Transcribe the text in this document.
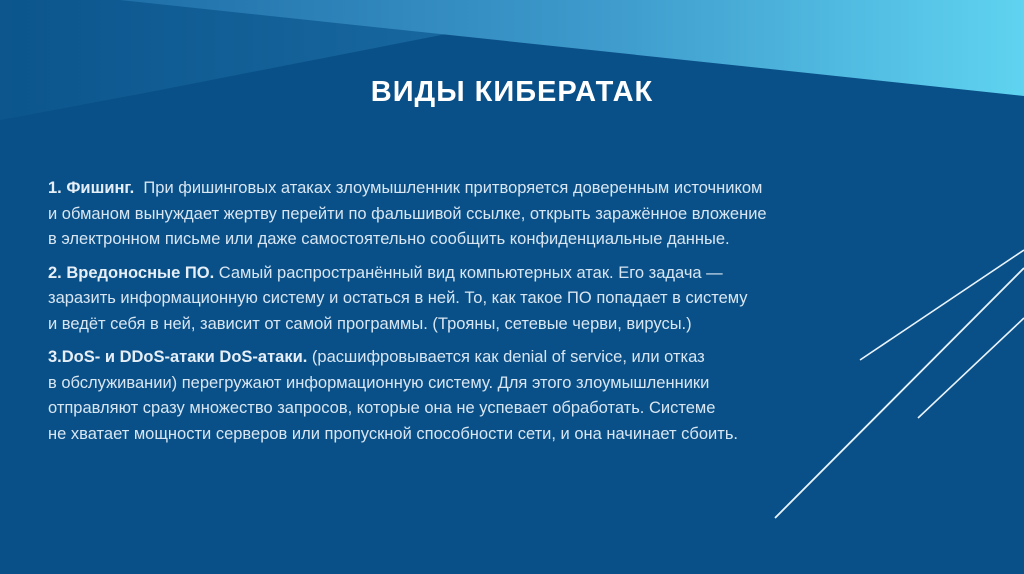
ВИДЫ КИБЕРАТАК
1. Фишинг. При фишинговых атаках злоумышленник притворяется доверенным источником
и обманом вынуждает жертву перейти по фальшивой ссылке, открыть заражённое вложение
в электронном письме или даже самостоятельно сообщить конфиденциальные данные.
2. Вредоносные ПО. Самый распространённый вид компьютерных атак. Его задача —
заразить информационную систему и остаться в ней. То, как такое ПО попадает в систему
и ведёт себя в ней, зависит от самой программы. (Трояны, сетевые черви, вирусы.)
3.DoS- и DDoS-атаки DoS-атаки. (расшифровывается как denial of service, или отказ
в обслуживании) перегружают информационную систему. Для этого злоумышленники
отправляют сразу множество запросов, которые она не успевает обработать. Системе
не хватает мощности серверов или пропускной способности сети, и она начинает сбоить.
